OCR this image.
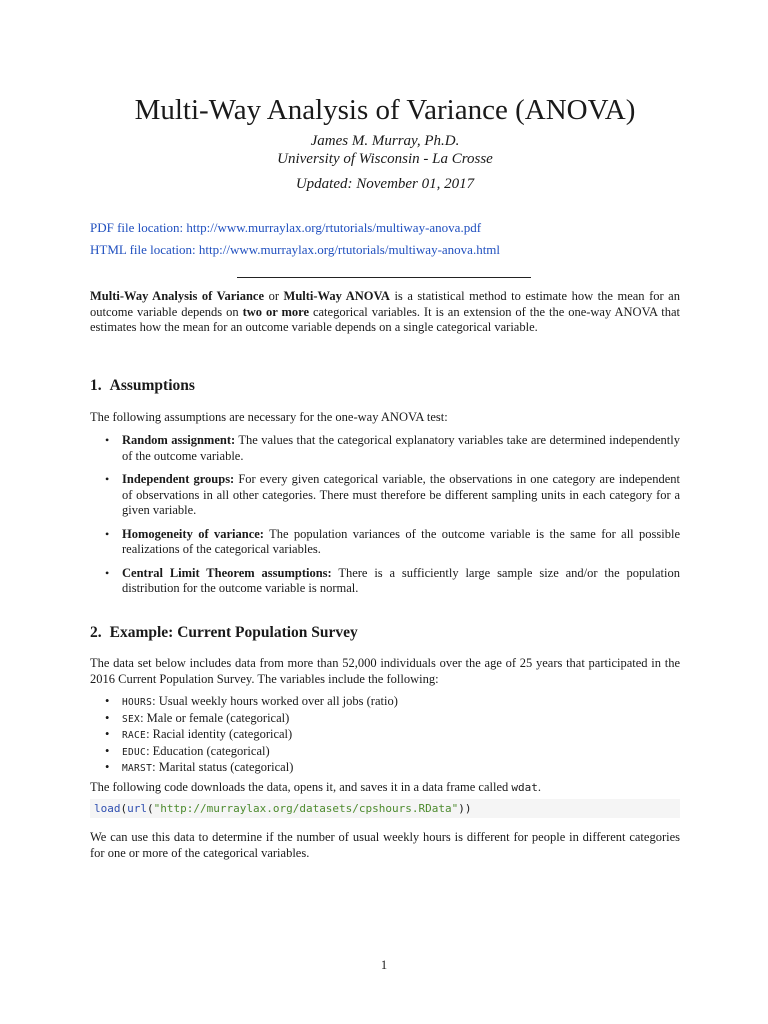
Multi-Way Analysis of Variance (ANOVA)

James M. Murray, Ph.D.

University of Wisconsin - La Crosse

Updated: November 01, 2017

PDF file location: http://www.murraylax.org/rtutorials/multiway-anova.pdf
HTML file location: http://www.murraylax.org/rtutorials/multiway-anova.html

Multi-Way Analysis of Variance or Multi-Way ANOVA is a statistical method to estimate how the mean for an outcome variable depends on two or more categorical variables. It is an extension of the the one-way ANOVA that estimates how the mean for an outcome variable depends on a single categorical variable.

1. Assumptions

The following assumptions are necessary for the one-way ANOVA test:

• Random assignment: The values that the categorical explanatory variables take are determined independently of the outcome variable.
• Independent groups: For every given categorical variable, the observations in one category are independent of observations in all other categories. There must therefore be different sampling units in each category for a given variable.
• Homogeneity of variance: The population variances of the outcome variable is the same for all possible realizations of the categorical variables.
• Central Limit Theorem assumptions: There is a sufficiently large sample size and/or the population distribution for the outcome variable is normal.
2. Example: Current Population Survey

The data set below includes data from more than 52,000 individuals over the age of 25 years that participated in the 2016 Current Population Survey. The variables include the following:

• HOURS: Usual weekly hours worked over all jobs (ratio)
• SEX: Male or female (categorical)
• RACE: Racial identity (categorical)
• EDUC: Education (categorical)
• MARST: Marital status (categorical)

The following code downloads the data, opens it, and saves it in a data frame called wdat.

load(url("http://murraylax.org/datasets/cpshours.RData"))

We can use this data to determine if the number of usual weekly hours is different for people in different categories for one or more of the categorical variables.

1
